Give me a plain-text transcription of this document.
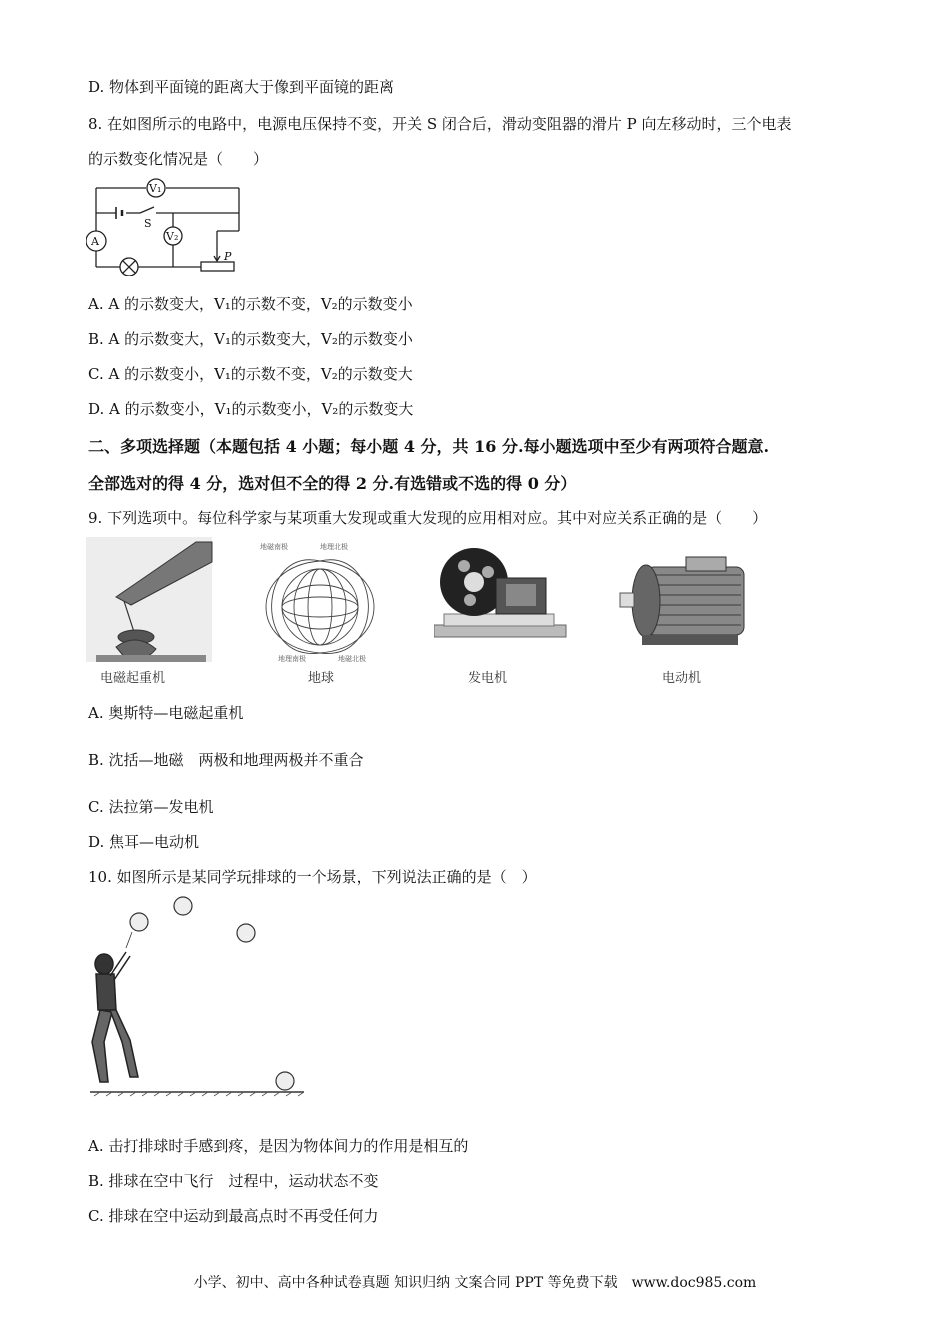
D. 物体到平面镜的距离大于像到平面镜的距离
8. 在如图所示的电路中，电源电压保持不变，开关 S 闭合后，滑动变阻器的滑片 P 向左移动时，三个电表
的示数变化情况是（　　）
V₁
V₂
A
S
P
A. A 的示数变大，V₁的示数不变，V₂的示数变小
B. A 的示数变大，V₁的示数变大，V₂的示数变小
C. A 的示数变小，V₁的示数不变，V₂的示数变大
D. A 的示数变小，V₁的示数变小，V₂的示数变大
二、多项选择题（本题包括 4 小题；每小题 4 分，共 16 分.每小题选项中至少有两项符合题意.
全部选对的得 4 分，选对但不全的得 2 分.有选错或不选的得 0 分）
9. 下列选项中。每位科学家与某项重大发现或重大发现的应用相对应。其中对应关系正确的是（　　）
电磁起重机
地磁南极	地理北极
地理南极	地磁北极
地球	发电机	电动机
A. 奥斯特—电磁起重机
B. 沈括—地磁　两极和地理两极并不重合
C. 法拉第—发电机
D. 焦耳—电动机
10. 如图所示是某同学玩排球的一个场景，下列说法正确的是（　）
A. 击打排球时手感到疼，是因为物体间力的作用是相互的
B. 排球在空中飞行　过程中，运动状态不变
C. 排球在空中运动到最高点时不再受任何力
小学、初中、高中各种试卷真题 知识归纳 文案合同 PPT 等免费下载　www.doc985.com
